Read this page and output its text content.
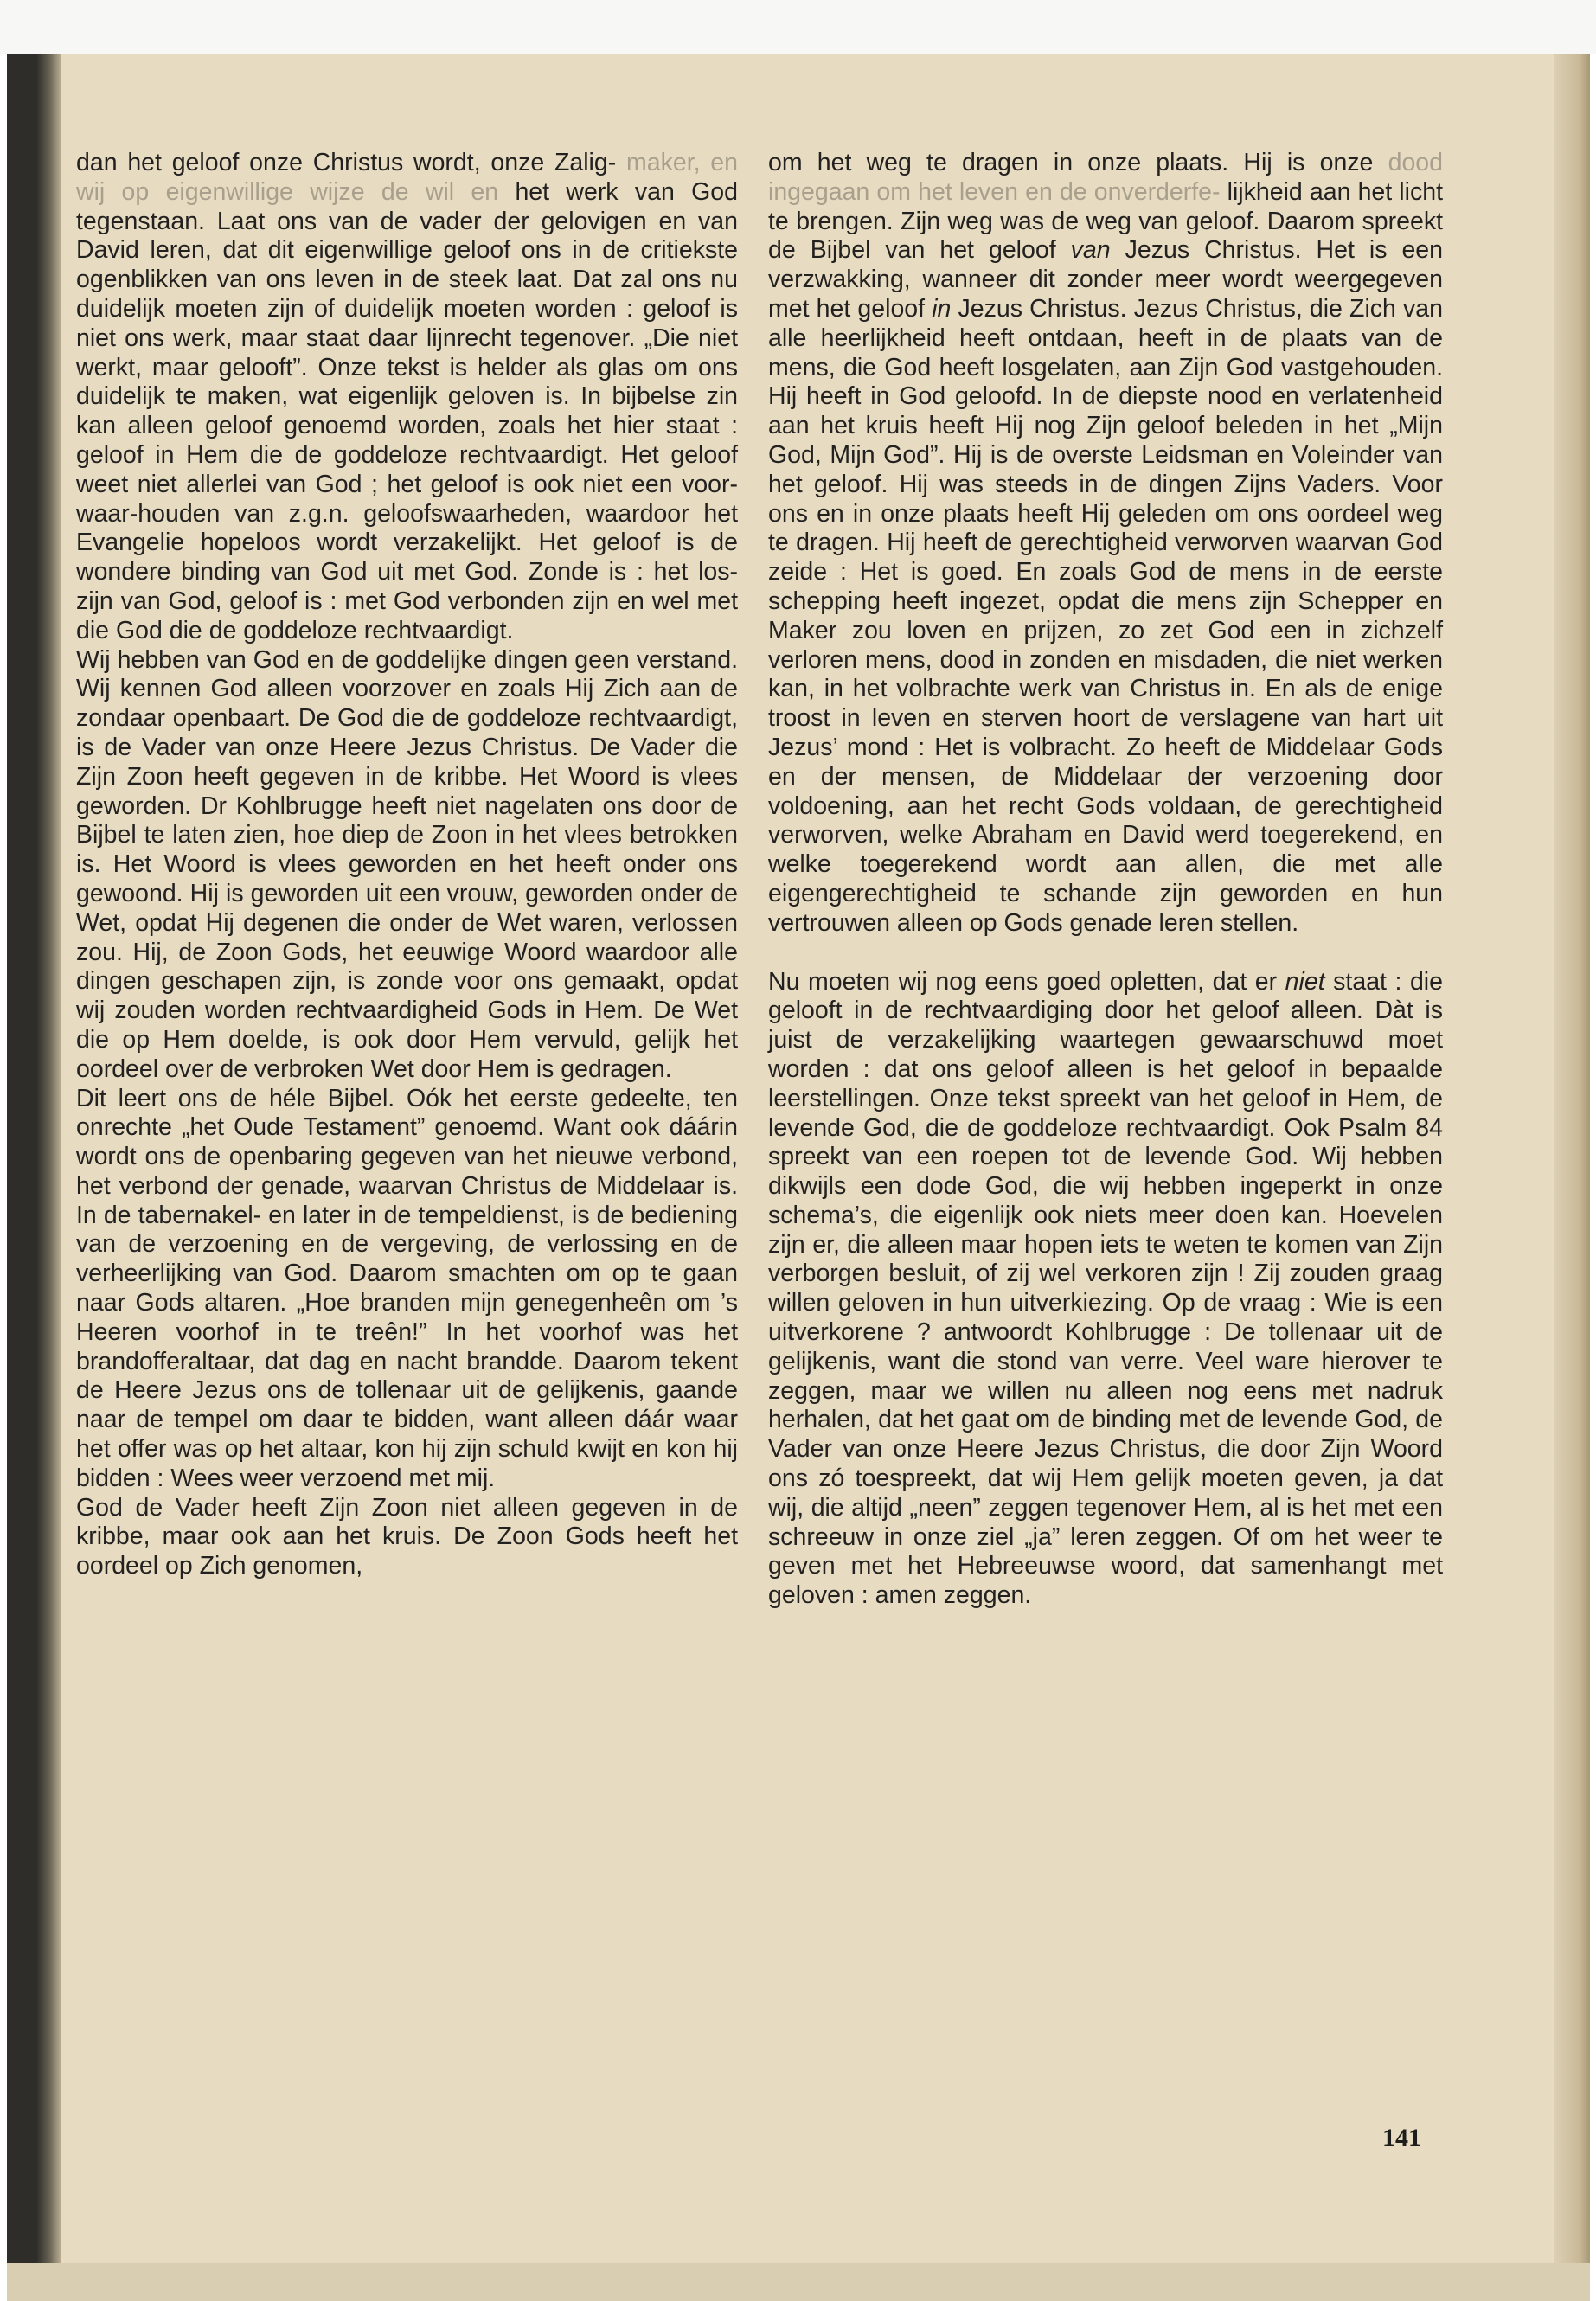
dan het geloof onze Christus wordt, onze Zalig- maker, en wij op eigenwillige wijze de wil en het werk van God tegenstaan. Laat ons van de vader der gelovigen en van David leren, dat dit eigenwillige geloof ons in de critiekste ogenblikken van ons leven in de steek laat. Dat zal ons nu duidelijk moeten zijn of duidelijk moeten worden : geloof is niet ons werk, maar staat daar lijnrecht tegenover. „Die niet werkt, maar gelooft”. Onze tekst is helder als glas om ons duidelijk te maken, wat eigenlijk geloven is. In bijbelse zin kan alleen geloof genoemd worden, zoals het hier staat : geloof in Hem die de goddeloze rechtvaardigt. Het geloof weet niet allerlei van God ; het geloof is ook niet een voor-waar-houden van z.g.n. geloofswaarheden, waardoor het Evangelie hopeloos wordt verzakelijkt. Het geloof is de wondere binding van God uit met God. Zonde is : het los-zijn van God, geloof is : met God verbonden zijn en wel met die God die de goddeloze rechtvaardigt.

Wij hebben van God en de goddelijke dingen geen verstand. Wij kennen God alleen voorzover en zoals Hij Zich aan de zondaar openbaart. De God die de goddeloze rechtvaardigt, is de Vader van onze Heere Jezus Christus. De Vader die Zijn Zoon heeft gegeven in de kribbe. Het Woord is vlees geworden. Dr Kohlbrugge heeft niet nagelaten ons door de Bijbel te laten zien, hoe diep de Zoon in het vlees betrokken is. Het Woord is vlees geworden en het heeft onder ons gewoond. Hij is geworden uit een vrouw, geworden onder de Wet, opdat Hij degenen die onder de Wet waren, verlossen zou. Hij, de Zoon Gods, het eeuwige Woord waardoor alle dingen geschapen zijn, is zonde voor ons gemaakt, opdat wij zouden worden rechtvaardigheid Gods in Hem. De Wet die op Hem doelde, is ook door Hem vervuld, gelijk het oordeel over de verbroken Wet door Hem is gedragen.

Dit leert ons de héle Bijbel. Oók het eerste gedeelte, ten onrechte „het Oude Testament” genoemd. Want ook dáárin wordt ons de openbaring gegeven van het nieuwe verbond, het verbond der genade, waarvan Christus de Middelaar is. In de tabernakel- en later in de tempeldienst, is de bediening van de verzoening en de vergeving, de verlossing en de verheerlijking van God. Daarom smachten om op te gaan naar Gods altaren. „Hoe branden mijn genegenheên om ’s Heeren voorhof in te treên!” In het voorhof was het brandofferaltaar, dat dag en nacht brandde. Daarom tekent de Heere Jezus ons de tollenaar uit de gelijkenis, gaande naar de tempel om daar te bidden, want alleen dáár waar het offer was op het altaar, kon hij zijn schuld kwijt en kon hij bidden : Wees weer verzoend met mij.

God de Vader heeft Zijn Zoon niet alleen gegeven in de kribbe, maar ook aan het kruis. De Zoon Gods heeft het oordeel op Zich genomen,

om het weg te dragen in onze plaats. Hij is onze dood ingegaan om het leven en de onverderfe- lijkheid aan het licht te brengen. Zijn weg was de weg van geloof. Daarom spreekt de Bijbel van het geloof van Jezus Christus. Het is een verzwakking, wanneer dit zonder meer wordt weergegeven met het geloof in Jezus Christus. Jezus Christus, die Zich van alle heerlijkheid heeft ontdaan, heeft in de plaats van de mens, die God heeft losgelaten, aan Zijn God vastgehouden. Hij heeft in God geloofd. In de diepste nood en verlatenheid aan het kruis heeft Hij nog Zijn geloof beleden in het „Mijn God, Mijn God”. Hij is de overste Leidsman en Voleinder van het geloof. Hij was steeds in de dingen Zijns Vaders. Voor ons en in onze plaats heeft Hij geleden om ons oordeel weg te dragen. Hij heeft de gerechtigheid verworven waarvan God zeide : Het is goed. En zoals God de mens in de eerste schepping heeft ingezet, opdat die mens zijn Schepper en Maker zou loven en prijzen, zo zet God een in zichzelf verloren mens, dood in zonden en misdaden, die niet werken kan, in het volbrachte werk van Christus in. En als de enige troost in leven en sterven hoort de verslagene van hart uit Jezus’ mond : Het is volbracht. Zo heeft de Middelaar Gods en der mensen, de Middelaar der verzoening door voldoening, aan het recht Gods voldaan, de gerechtigheid verworven, welke Abraham en David werd toegerekend, en welke toegerekend wordt aan allen, die met alle eigengerechtigheid te schande zijn geworden en hun vertrouwen alleen op Gods genade leren stellen.

Nu moeten wij nog eens goed opletten, dat er niet staat : die gelooft in de rechtvaardiging door het geloof alleen. Dàt is juist de verzakelijking waartegen gewaarschuwd moet worden : dat ons geloof alleen is het geloof in bepaalde leerstellingen. Onze tekst spreekt van het geloof in Hem, de levende God, die de goddeloze rechtvaardigt. Ook Psalm 84 spreekt van een roepen tot de levende God. Wij hebben dikwijls een dode God, die wij hebben ingeperkt in onze schema’s, die eigenlijk ook niets meer doen kan. Hoevelen zijn er, die alleen maar hopen iets te weten te komen van Zijn verborgen besluit, of zij wel verkoren zijn ! Zij zouden graag willen geloven in hun uitverkiezing. Op de vraag : Wie is een uitverkorene ? antwoordt Kohlbrugge : De tollenaar uit de gelijkenis, want die stond van verre. Veel ware hierover te zeggen, maar we willen nu alleen nog eens met nadruk herhalen, dat het gaat om de binding met de levende God, de Vader van onze Heere Jezus Christus, die door Zijn Woord ons zó toespreekt, dat wij Hem gelijk moeten geven, ja dat wij, die altijd „neen” zeggen tegenover Hem, al is het met een schreeuw in onze ziel „ja” leren zeggen. Of om het weer te geven met het Hebreeuwse woord, dat samenhangt met geloven : amen zeggen.

141
